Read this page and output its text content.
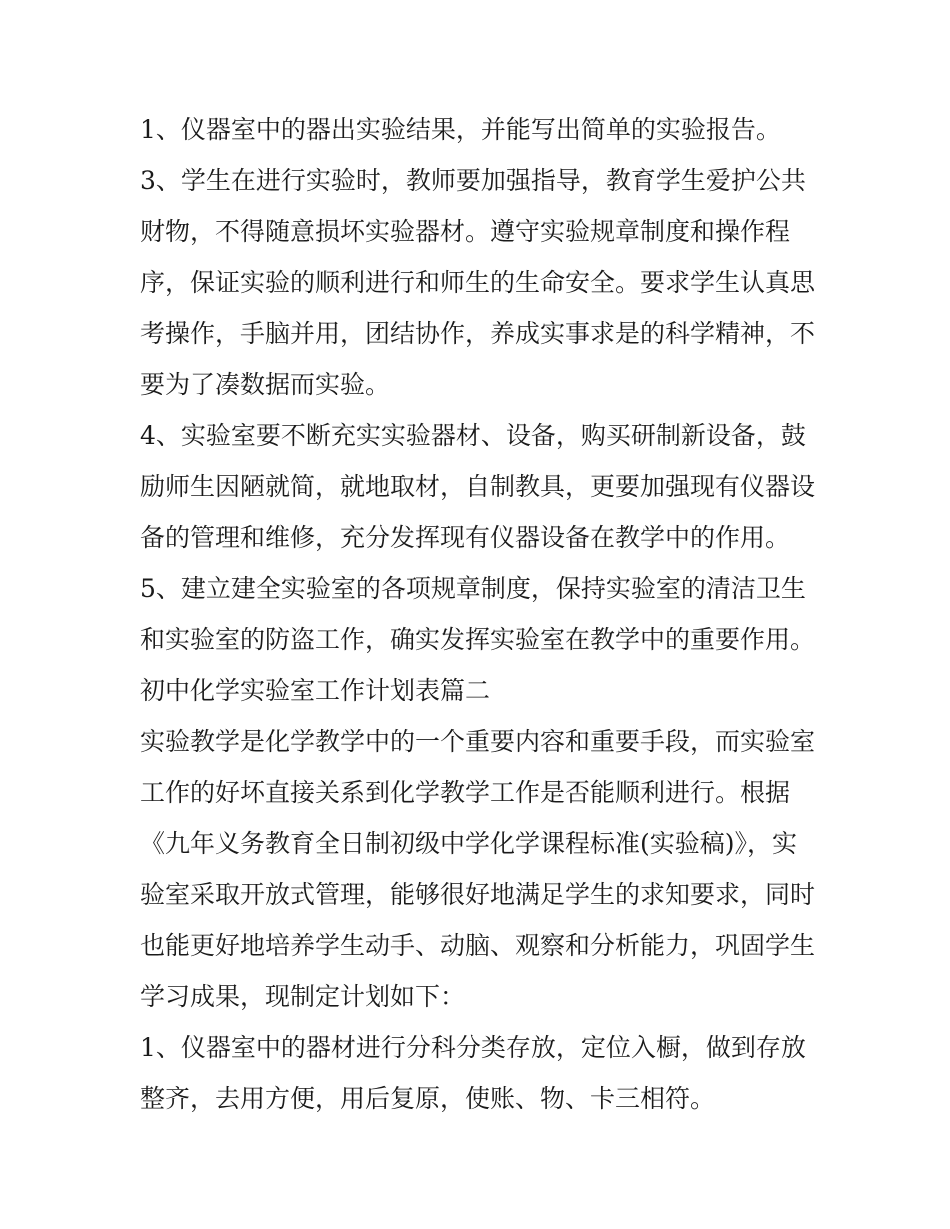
1、仪器室中的器出实验结果，并能写出简单的实验报告。

3、学生在进行实验时，教师要加强指导，教育学生爱护公共
财物，不得随意损坏实验器材。遵守实验规章制度和操作程
序，保证实验的顺利进行和师生的生命安全。要求学生认真思
考操作，手脑并用，团结协作，养成实事求是的科学精神，不
要为了凑数据而实验。

4、实验室要不断充实实验器材、设备，购买研制新设备，鼓
励师生因陋就简，就地取材，自制教具，更要加强现有仪器设
备的管理和维修，充分发挥现有仪器设备在教学中的作用。

5、建立建全实验室的各项规章制度，保持实验室的清洁卫生
和实验室的防盗工作，确实发挥实验室在教学中的重要作用。

初中化学实验室工作计划表篇二

实验教学是化学教学中的一个重要内容和重要手段，而实验室
工作的好坏直接关系到化学教学工作是否能顺利进行。根据
《九年义务教育全日制初级中学化学课程标准(实验稿)》，实
验室采取开放式管理，能够很好地满足学生的求知要求，同时
也能更好地培养学生动手、动脑、观察和分析能力，巩固学生
学习成果，现制定计划如下：

1、仪器室中的器材进行分科分类存放，定位入橱，做到存放
整齐，去用方便，用后复原，使账、物、卡三相符。
